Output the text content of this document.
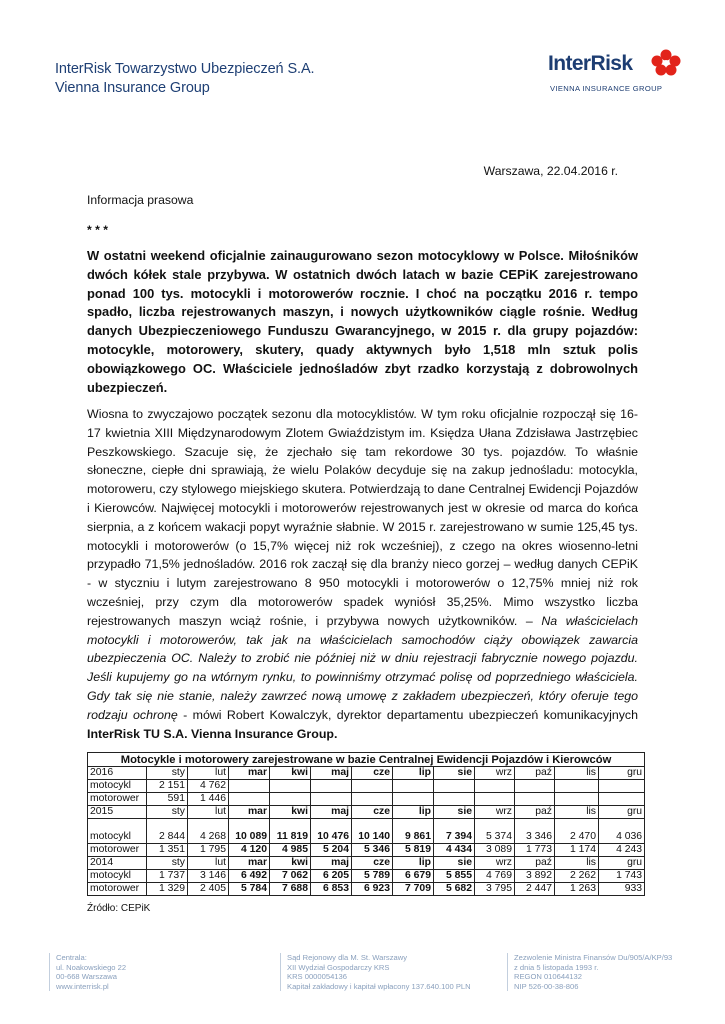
InterRisk Towarzystwo Ubezpieczeń S.A.
Vienna Insurance Group
InterRisk
VIENNA INSURANCE GROUP
Warszawa, 22.04.2016 r.
Informacja prasowa
* * *

W ostatni weekend oficjalnie zainaugurowano sezon motocyklowy w Polsce. Miłośników dwóch kółek stale przybywa. W ostatnich dwóch latach w bazie CEPiK zarejestrowano ponad 100 tys. motocykli i motorowerów rocznie. I choć na początku 2016 r. tempo spadło, liczba rejestrowanych maszyn, i nowych użytkowników ciągle rośnie. Według danych Ubezpieczeniowego Funduszu Gwarancyjnego, w 2015 r. dla grupy pojazdów: motocykle, motorowery, skutery, quady aktywnych było 1,518 mln sztuk polis obowiązkowego OC. Właściciele jednośladów zbyt rzadko korzystają z dobrowolnych ubezpieczeń.

Wiosna to zwyczajowo początek sezonu dla motocyklistów. W tym roku oficjalnie rozpoczął się 16-17 kwietnia XIII Międzynarodowym Zlotem Gwiaździstym im. Księdza Ułana Zdzisława Jastrzębiec Peszkowskiego. Szacuje się, że zjechało się tam rekordowe 30 tys. pojazdów. To właśnie słoneczne, ciepłe dni sprawiają, że wielu Polaków decyduje się na zakup jednośladu: motocykla, motoroweru, czy stylowego miejskiego skutera. Potwierdzają to dane Centralnej Ewidencji Pojazdów i Kierowców. Najwięcej motocykli i motorowerów rejestrowanych jest w okresie od marca do końca sierpnia, a z końcem wakacji popyt wyraźnie słabnie. W 2015 r. zarejestrowano w sumie 125,45 tys. motocykli i motorowerów (o 15,7% więcej niż rok wcześniej), z czego na okres wiosenno-letni przypadło 71,5% jednośladów. 2016 rok zaczął się dla branży nieco gorzej – według danych CEPiK - w styczniu i lutym zarejestrowano 8 950 motocykli i motorowerów o 12,75% mniej niż rok wcześniej, przy czym dla motorowerów spadek wyniósł 35,25%. Mimo wszystko liczba rejestrowanych maszyn wciąż rośnie, i przybywa nowych użytkowników. – Na właścicielach motocykli i motorowerów, tak jak na właścicielach samochodów ciąży obowiązek zawarcia ubezpieczenia OC. Należy to zrobić nie później niż w dniu rejestracji fabrycznie nowego pojazdu. Jeśli kupujemy go na wtórnym rynku, to powinniśmy otrzymać polisę od poprzedniego właściciela. Gdy tak się nie stanie, należy zawrzeć nową umowę z zakładem ubezpieczeń, który oferuje tego rodzaju ochronę - mówi Robert Kowalczyk, dyrektor departamentu ubezpieczeń komunikacyjnych InterRisk TU S.A. Vienna Insurance Group.

Motocykle i motorowery zarejestrowane w bazie Centralnej Ewidencji Pojazdów i Kierowców												
2016	sty	lut	mar	kwi	maj	cze	lip	sie	wrz	paź	lis	gru
motocykl	2 151	4 762										
motorower	591	1 446										
2015	sty	lut	mar	kwi	maj	cze	lip	sie	wrz	paź	lis	gru
motocykl	2 844	4 268	10 089	11 819	10 476	10 140	9 861	7 394	5 374	3 346	2 470	4 036
motorower	1 351	1 795	4 120	4 985	5 204	5 346	5 819	4 434	3 089	1 773	1 174	4 243
2014	sty	lut	mar	kwi	maj	cze	lip	sie	wrz	paź	lis	gru
motocykl	1 737	3 146	6 492	7 062	6 205	5 789	6 679	5 855	4 769	3 892	2 262	1 743
motorower	1 329	2 405	5 784	7 688	6 853	6 923	7 709	5 682	3 795	2 447	1 263	933
Źródło: CEPiK
Centrala:
ul. Noakowskiego 22
00-668 Warszawa
www.interrisk.pl
Sąd Rejonowy dla M. St. Warszawy
XII Wydział Gospodarczy KRS
KRS 0000054136
Kapitał zakładowy i kapitał wpłacony 137.640.100 PLN
Zezwolenie Ministra Finansów Du/905/A/KP/93
z dnia 5 listopada 1993 r.
REGON 010644132
NIP 526-00-38-806
